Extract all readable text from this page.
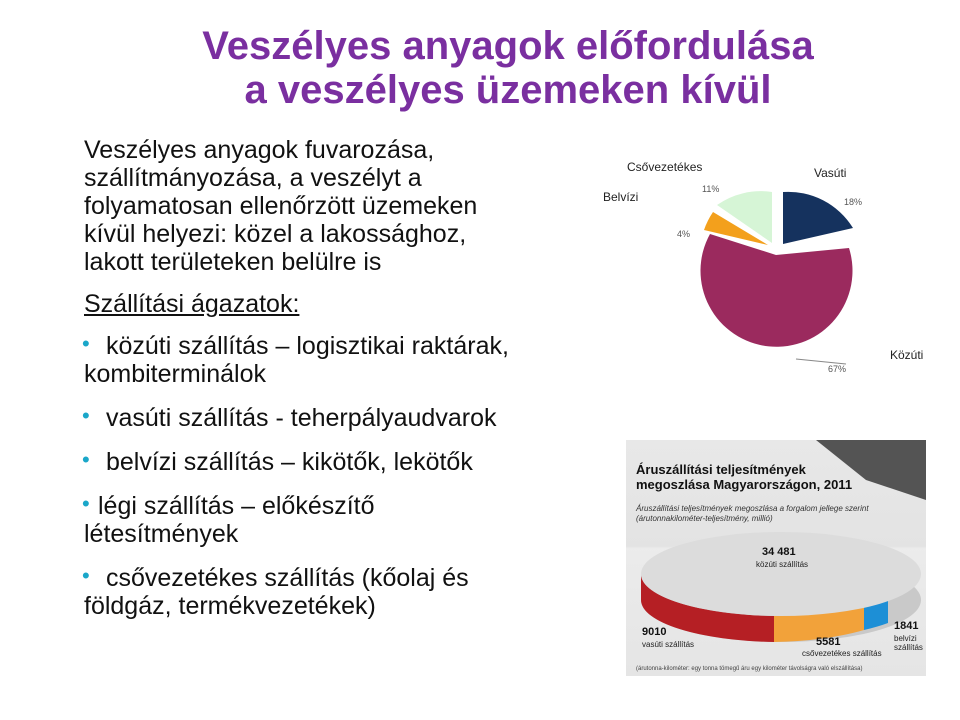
Veszélyes anyagok előfordulása
a veszélyes üzemeken kívül
Veszélyes anyagok fuvarozása,
szállítmányozása, a veszélyt a
folyamatosan ellenőrzött üzemeken
kívül helyezi: közel a lakossághoz,
lakott területeken belülre is
Szállítási ágazatok:
• közúti szállítás – logisztikai raktárak,
kombiterminálok
• vasúti szállítás - teherpályaudvarok
• belvízi szállítás – kikötők, lekötők
• légi szállítás – előkészítő
létesítmények
• csővezetékes szállítás (kőolaj és
földgáz, termékvezetékek)
18%
67%
4%
11%
Csővezetékes	Vasúti
Belvízi
Közúti
Áruszállítási teljesítmények
megoszlása Magyarországon, 2011
Áruszállítási teljesítmények megoszlása a forgalom jellege szerint
(árutonnakilométer-teljesítmény, millió)
34 481
közúti szállítás
9010
vasúti szállítás	5581
csővezetékes szállítás
1841
belvízi
szállítás
(árutonna-kilométer: egy tonna tömegű áru egy kilométer távolságra való elszállítása)
